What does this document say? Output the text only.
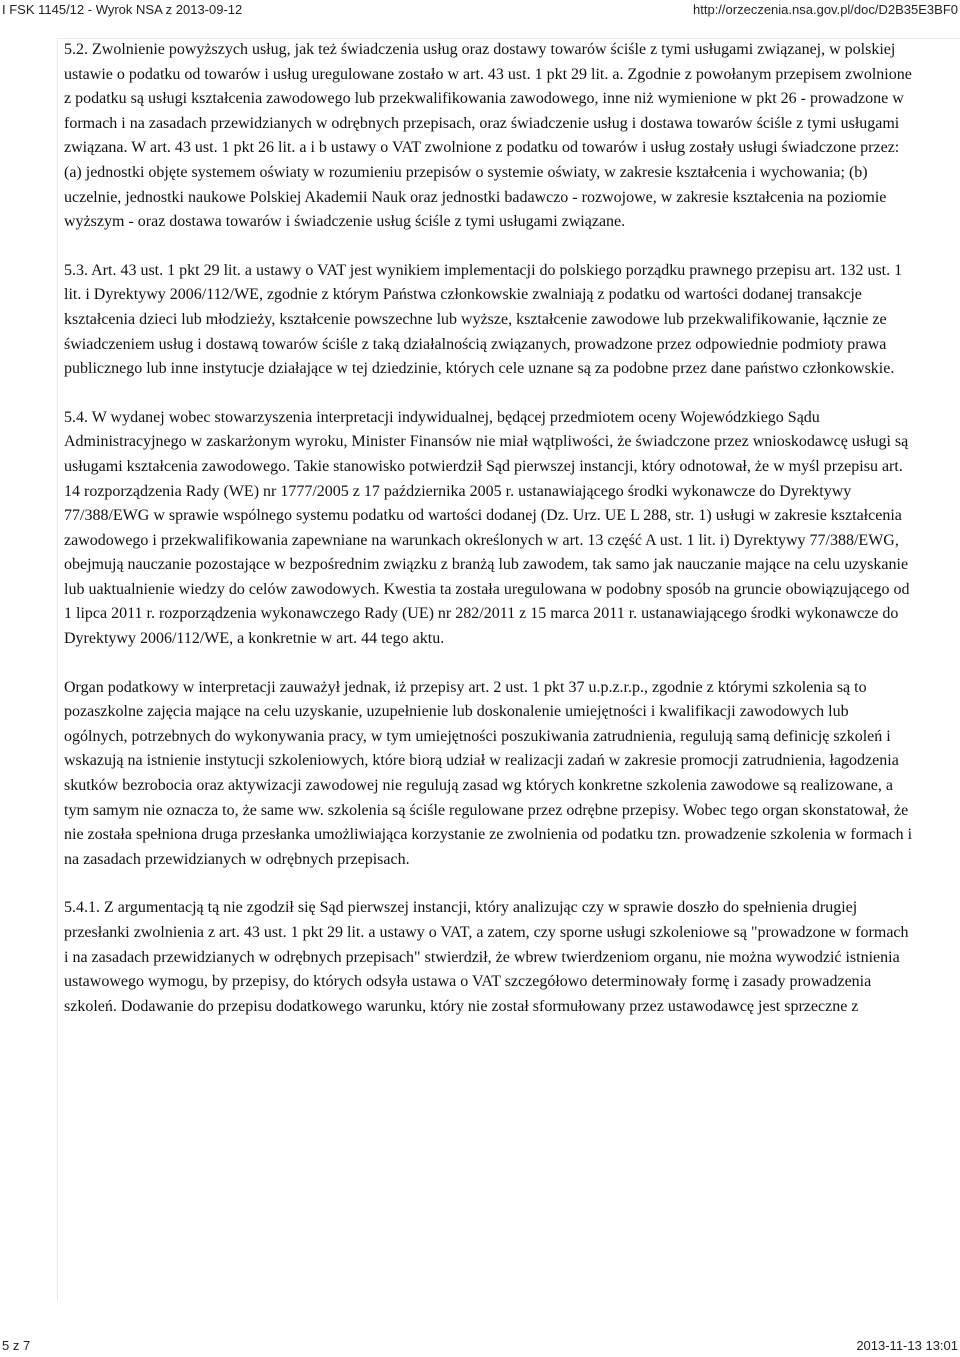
I FSK 1145/12 - Wyrok NSA z 2013-09-12	http://orzeczenia.nsa.gov.pl/doc/D2B35E3BF0

5.2. Zwolnienie powyższych usług, jak też świadczenia usług oraz dostawy towarów ściśle z tymi usługami związanej, w polskiej ustawie o podatku od towarów i usług uregulowane zostało w art. 43 ust. 1 pkt 29 lit. a. Zgodnie z powołanym przepisem zwolnione z podatku są usługi kształcenia zawodowego lub przekwalifikowania zawodowego, inne niż wymienione w pkt 26 - prowadzone w formach i na zasadach przewidzianych w odrębnych przepisach, oraz świadczenie usług i dostawa towarów ściśle z tymi usługami związana. W art. 43 ust. 1 pkt 26 lit. a i b ustawy o VAT zwolnione z podatku od towarów i usług zostały usługi świadczone przez: (a) jednostki objęte systemem oświaty w rozumieniu przepisów o systemie oświaty, w zakresie kształcenia i wychowania; (b) uczelnie, jednostki naukowe Polskiej Akademii Nauk oraz jednostki badawczo - rozwojowe, w zakresie kształcenia na poziomie wyższym - oraz dostawa towarów i świadczenie usług ściśle z tymi usługami związane.

5.3. Art. 43 ust. 1 pkt 29 lit. a ustawy o VAT jest wynikiem implementacji do polskiego porządku prawnego przepisu art. 132 ust. 1 lit. i Dyrektywy 2006/112/WE, zgodnie z którym Państwa członkowskie zwalniają z podatku od wartości dodanej transakcje kształcenia dzieci lub młodzieży, kształcenie powszechne lub wyższe, kształcenie zawodowe lub przekwalifikowanie, łącznie ze świadczeniem usług i dostawą towarów ściśle z taką działalnością związanych, prowadzone przez odpowiednie podmioty prawa publicznego lub inne instytucje działające w tej dziedzinie, których cele uznane są za podobne przez dane państwo członkowskie.

5.4. W wydanej wobec stowarzyszenia interpretacji indywidualnej, będącej przedmiotem oceny Wojewódzkiego Sądu Administracyjnego w zaskarżonym wyroku, Minister Finansów nie miał wątpliwości, że świadczone przez wnioskodawcę usługi są usługami kształcenia zawodowego. Takie stanowisko potwierdził Sąd pierwszej instancji, który odnotował, że w myśl przepisu art. 14 rozporządzenia Rady (WE) nr 1777/2005 z 17 października 2005 r. ustanawiającego środki wykonawcze do Dyrektywy 77/388/EWG w sprawie wspólnego systemu podatku od wartości dodanej (Dz. Urz. UE L 288, str. 1) usługi w zakresie kształcenia zawodowego i przekwalifikowania zapewniane na warunkach określonych w art. 13 część A ust. 1 lit. i) Dyrektywy 77/388/EWG, obejmują nauczanie pozostające w bezpośrednim związku z branżą lub zawodem, tak samo jak nauczanie mające na celu uzyskanie lub uaktualnienie wiedzy do celów zawodowych. Kwestia ta została uregulowana w podobny sposób na gruncie obowiązującego od 1 lipca 2011 r. rozporządzenia wykonawczego Rady (UE) nr 282/2011 z 15 marca 2011 r. ustanawiającego środki wykonawcze do Dyrektywy 2006/112/WE, a konkretnie w art. 44 tego aktu.

Organ podatkowy w interpretacji zauważył jednak, iż przepisy art. 2 ust. 1 pkt 37 u.p.z.r.p., zgodnie z którymi szkolenia są to pozaszkolne zajęcia mające na celu uzyskanie, uzupełnienie lub doskonalenie umiejętności i kwalifikacji zawodowych lub ogólnych, potrzebnych do wykonywania pracy, w tym umiejętności poszukiwania zatrudnienia, regulują samą definicję szkoleń i wskazują na istnienie instytucji szkoleniowych, które biorą udział w realizacji zadań w zakresie promocji zatrudnienia, łagodzenia skutków bezrobocia oraz aktywizacji zawodowej nie regulują zasad wg których konkretne szkolenia zawodowe są realizowane, a tym samym nie oznacza to, że same ww. szkolenia są ściśle regulowane przez odrębne przepisy. Wobec tego organ skonstatował, że nie została spełniona druga przesłanka umożliwiająca korzystanie ze zwolnienia od podatku tzn. prowadzenie szkolenia w formach i na zasadach przewidzianych w odrębnych przepisach.

5.4.1. Z argumentacją tą nie zgodził się Sąd pierwszej instancji, który analizując czy w sprawie doszło do spełnienia drugiej przesłanki zwolnienia z art. 43 ust. 1 pkt 29 lit. a ustawy o VAT, a zatem, czy sporne usługi szkoleniowe są "prowadzone w formach i na zasadach przewidzianych w odrębnych przepisach" stwierdził, że wbrew twierdzeniom organu, nie można wywodzić istnienia ustawowego wymogu, by przepisy, do których odsyła ustawa o VAT szczegółowo determinowały formę i zasady prowadzenia szkoleń. Dodawanie do przepisu dodatkowego warunku, który nie został sformułowany przez ustawodawcę jest sprzeczne z

5 z 7	2013-11-13 13:01
